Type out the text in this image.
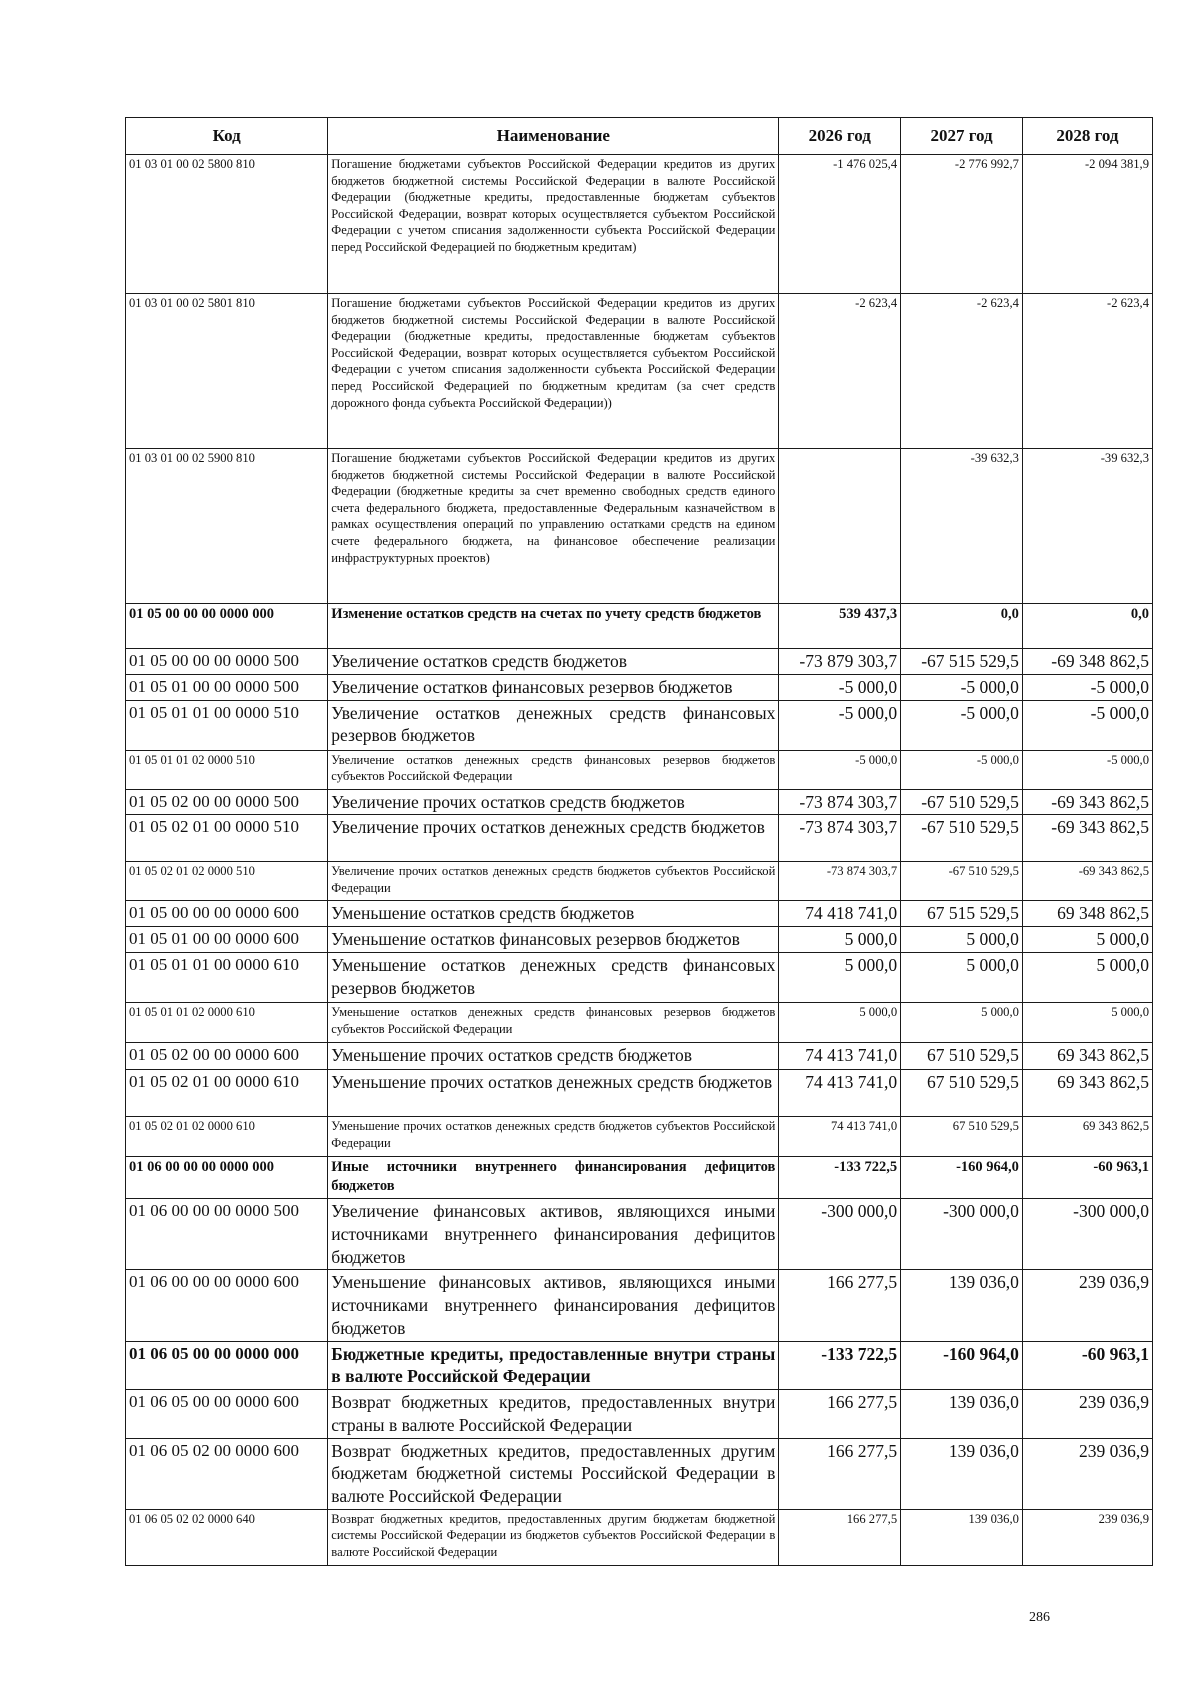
Код	Наименование	2026 год	2027 год	2028 год
01 03 01 00 02 5800 810	Погашение бюджетами субъектов Российской Федерации кредитов из других бюджетов бюджетной системы Российской Федерации в валюте Российской Федерации (бюджетные кредиты, предоставленные бюджетам субъектов Российской Федерации, возврат которых осуществляется субъектом Российской Федерации с учетом списания задолженности субъекта Российской Федерации перед Российской Федерацией по бюджетным кредитам)	-1 476 025,4	-2 776 992,7	-2 094 381,9
01 03 01 00 02 5801 810	Погашение бюджетами субъектов Российской Федерации кредитов из других бюджетов бюджетной системы Российской Федерации в валюте Российской Федерации (бюджетные кредиты, предоставленные бюджетам субъектов Российской Федерации, возврат которых осуществляется субъектом Российской Федерации с учетом списания задолженности субъекта Российской Федерации перед Российской Федерацией по бюджетным кредитам (за счет средств дорожного фонда субъекта Российской Федерации))	-2 623,4	-2 623,4	-2 623,4
01 03 01 00 02 5900 810	Погашение бюджетами субъектов Российской Федерации кредитов из других бюджетов бюджетной системы Российской Федерации в валюте Российской Федерации (бюджетные кредиты за счет временно свободных средств единого счета федерального бюджета, предоставленные Федеральным казначейством в рамках осуществления операций по управлению остатками средств на едином счете федерального бюджета, на финансовое обеспечение реализации инфраструктурных проектов)		-39 632,3	-39 632,3
01 05 00 00 00 0000 000	Изменение остатков средств на счетах по учету средств бюджетов	539 437,3	0,0	0,0
01 05 00 00 00 0000 500	Увеличение остатков средств бюджетов	-73 879 303,7	-67 515 529,5	-69 348 862,5
01 05 01 00 00 0000 500	Увеличение остатков финансовых резервов бюджетов	-5 000,0	-5 000,0	-5 000,0
01 05 01 01 00 0000 510	Увеличение остатков денежных средств финансовых резервов бюджетов	-5 000,0	-5 000,0	-5 000,0
01 05 01 01 02 0000 510	Увеличение остатков денежных средств финансовых резервов бюджетов субъектов Российской Федерации	-5 000,0	-5 000,0	-5 000,0
01 05 02 00 00 0000 500	Увеличение прочих остатков средств бюджетов	-73 874 303,7	-67 510 529,5	-69 343 862,5
01 05 02 01 00 0000 510	Увеличение прочих остатков денежных средств бюджетов	-73 874 303,7	-67 510 529,5	-69 343 862,5
01 05 02 01 02 0000 510	Увеличение прочих остатков денежных средств бюджетов субъектов Российской Федерации	-73 874 303,7	-67 510 529,5	-69 343 862,5
01 05 00 00 00 0000 600	Уменьшение остатков средств бюджетов	74 418 741,0	67 515 529,5	69 348 862,5
01 05 01 00 00 0000 600	Уменьшение остатков финансовых резервов бюджетов	5 000,0	5 000,0	5 000,0
01 05 01 01 00 0000 610	Уменьшение остатков денежных средств финансовых резервов бюджетов	5 000,0	5 000,0	5 000,0
01 05 01 01 02 0000 610	Уменьшение остатков денежных средств финансовых резервов бюджетов субъектов Российской Федерации	5 000,0	5 000,0	5 000,0
01 05 02 00 00 0000 600	Уменьшение прочих остатков средств бюджетов	74 413 741,0	67 510 529,5	69 343 862,5
01 05 02 01 00 0000 610	Уменьшение прочих остатков денежных средств бюджетов	74 413 741,0	67 510 529,5	69 343 862,5
01 05 02 01 02 0000 610	Уменьшение прочих остатков денежных средств бюджетов субъектов Российской Федерации	74 413 741,0	67 510 529,5	69 343 862,5
01 06 00 00 00 0000 000	Иные источники внутреннего финансирования дефицитов бюджетов	-133 722,5	-160 964,0	-60 963,1
01 06 00 00 00 0000 500	Увеличение финансовых активов, являющихся иными источниками внутреннего финансирования дефицитов бюджетов	-300 000,0	-300 000,0	-300 000,0
01 06 00 00 00 0000 600	Уменьшение финансовых активов, являющихся иными источниками внутреннего финансирования дефицитов бюджетов	166 277,5	139 036,0	239 036,9
01 06 05 00 00 0000 000	Бюджетные кредиты, предоставленные внутри страны в валюте Российской Федерации	-133 722,5	-160 964,0	-60 963,1
01 06 05 00 00 0000 600	Возврат бюджетных кредитов, предоставленных внутри страны в валюте Российской Федерации	166 277,5	139 036,0	239 036,9
01 06 05 02 00 0000 600	Возврат бюджетных кредитов, предоставленных другим бюджетам бюджетной системы Российской Федерации в валюте Российской Федерации	166 277,5	139 036,0	239 036,9
01 06 05 02 02 0000 640	Возврат бюджетных кредитов, предоставленных другим бюджетам бюджетной системы Российской Федерации из бюджетов субъектов Российской Федерации в валюте Российской Федерации	166 277,5	139 036,0	239 036,9
286
